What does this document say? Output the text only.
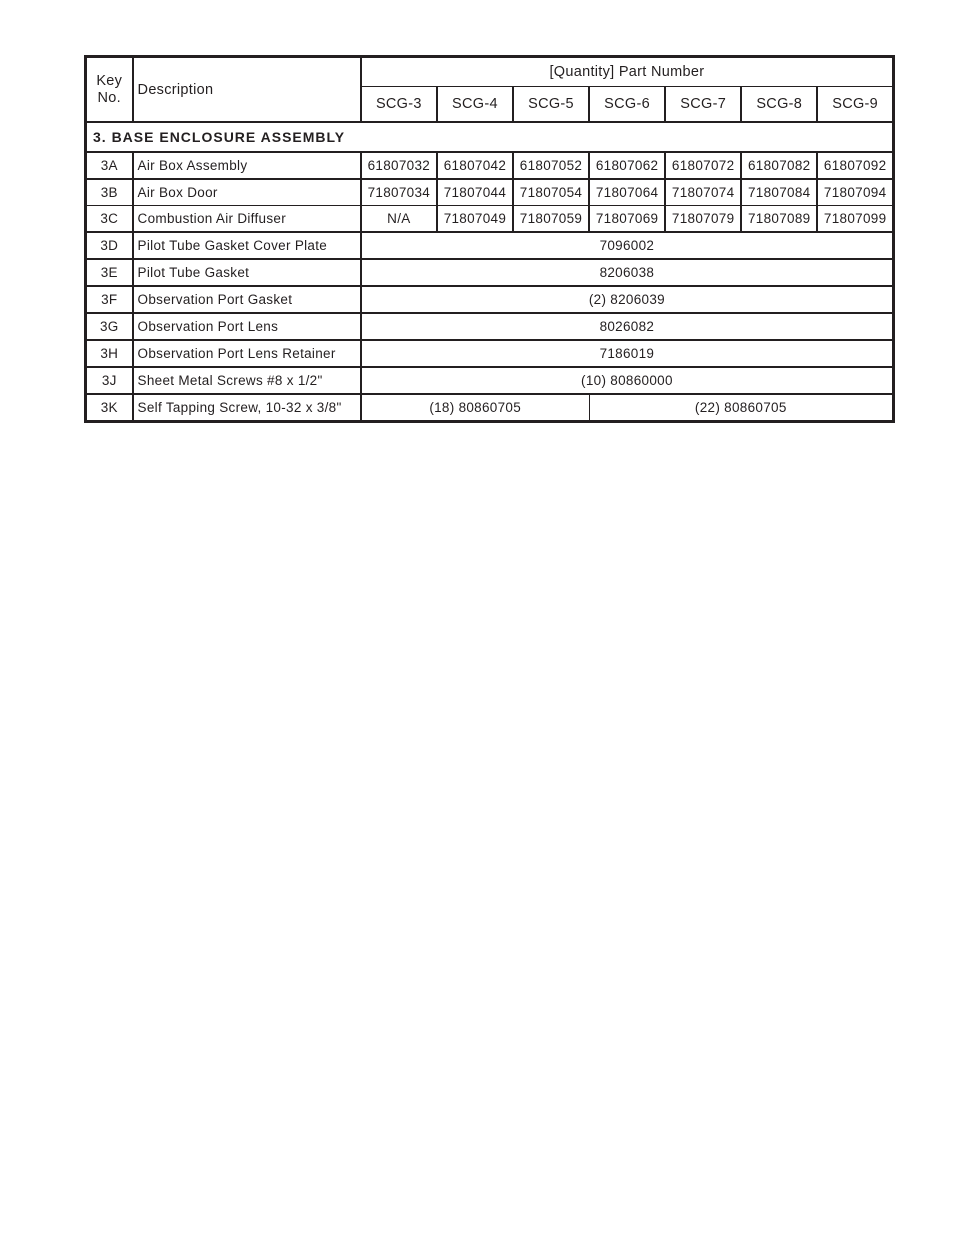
Key
No.	Description	[Quantity] Part Number						
		SCG-3	SCG-4	SCG-5	SCG-6	SCG-7	SCG-8	SCG-9
3. BASE ENCLOSURE ASSEMBLY								
3A	Air Box Assembly	61807032	61807042	61807052	61807062	61807072	61807082	61807092
3B	Air Box Door	71807034	71807044	71807054	71807064	71807074	71807084	71807094
3C	Combustion Air Diffuser	N/A	71807049	71807059	71807069	71807079	71807089	71807099
3D	Pilot Tube Gasket Cover Plate	7096002						
3E	Pilot Tube Gasket	8206038						
3F	Observation Port Gasket	(2) 8206039						
3G	Observation Port Lens	8026082						
3H	Observation Port Lens Retainer	7186019						
3J	Sheet Metal Screws #8 x 1/2"	(10) 80860000						
3K	Self Tapping Screw, 10-32 x 3/8"	(18) 80860705			(22) 80860705			
